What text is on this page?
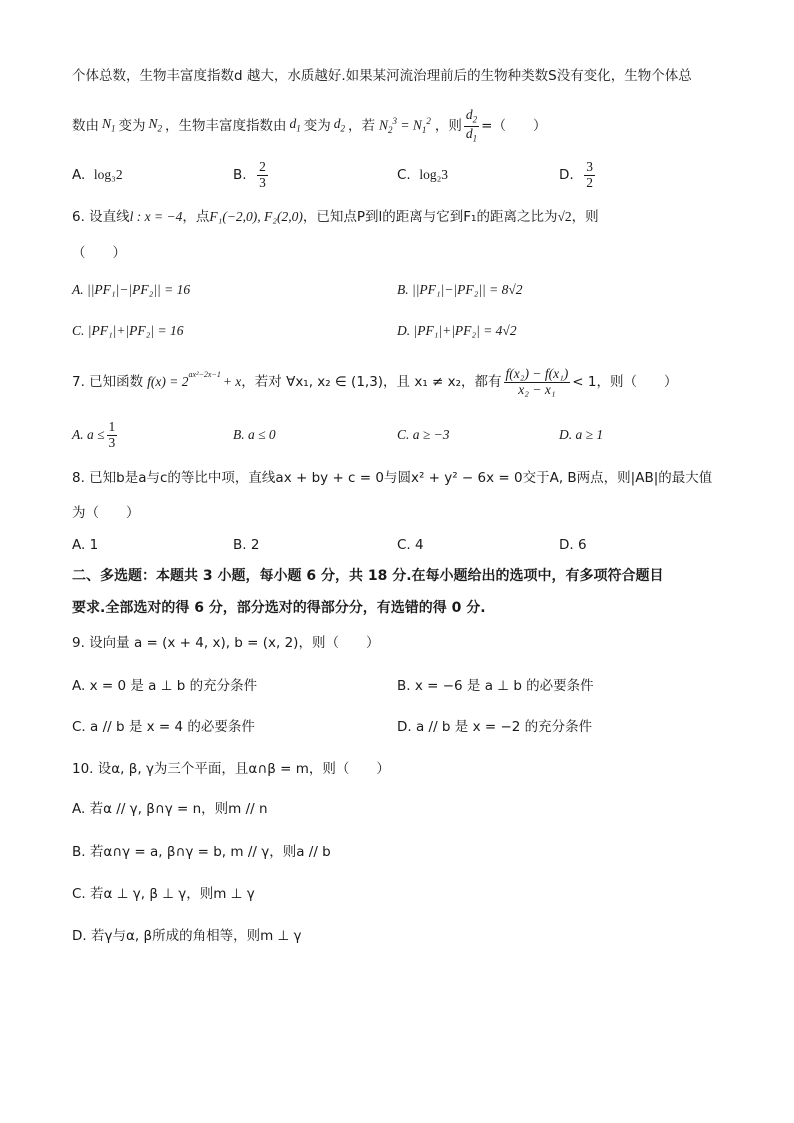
个体总数，生物丰富度指数d 越大，水质越好.如果某河流治理前后的生物种类数S没有变化，生物个体总
数由 $N_1$ 变为 $N_2$ ，生物丰富度指数由 $d_1$ 变为 $d_2$ ，若 $N_2^3 = N_1^2$ ，则 $\frac{d_2}{d_1}$ =（　　）
A. log₃2	B.
$\frac{2}{3}$	C. log₂3	D.
$\frac{3}{2}$
6. 设直线l : x = −4，点F₁(−2,0), F₂(2,0)，已知点P到l的距离与它到F₁的距离之比为√2，则
（　　）
A. ||PF₁|−|PF₂|| = 16	B. ||PF₁|−|PF₂|| = 8√2
C. |PF₁|+|PF₂| = 16	D. |PF₁|+|PF₂| = 4√2
7. 已知函数 $f(x) = 2^{ax^2-2x-1} + x$ ，若对 ∀x₁, x₂ ∈ (1,3)，且 x₁ ≠ x₂，都有 $\frac{\text{f(x₂) − f(x₁)}}{\text{x₂ − x₁}} < 1$，则（　　）
A. $a \le \frac{1}{3}$	B. a ≤ 0	C. a ≥ −3	D. a ≥ 1
8. 已知b是a与c的等比中项，直线ax + by + c = 0与圆x² + y² − 6x = 0交于A, B两点，则|AB|的最大值
为（　　）
A. 1	B. 2	C. 4	D. 6
二、多选题：本题共 3 小题，每小题 6 分，共 18 分.在每小题给出的选项中，有多项符合题目
要求.全部选对的得 6 分，部分选对的得部分分，有选错的得 0 分.
9. 设向量 a = (x + 4, x), b = (x, 2)，则（　　）
A. x = 0 是 a ⊥ b 的充分条件	B. x = −6 是 a ⊥ b 的必要条件
C. a // b 是 x = 4 的必要条件	D. a // b 是 x = −2 的充分条件
10. 设α, β, γ为三个平面，且α∩β = m，则（　　）
A. 若α // γ, β∩γ = n，则m // n
B. 若α∩γ = a, β∩γ = b, m // γ，则a // b
C. 若α ⊥ γ, β ⊥ γ，则m ⊥ γ
D. 若γ与α, β所成的角相等，则m ⊥ γ
